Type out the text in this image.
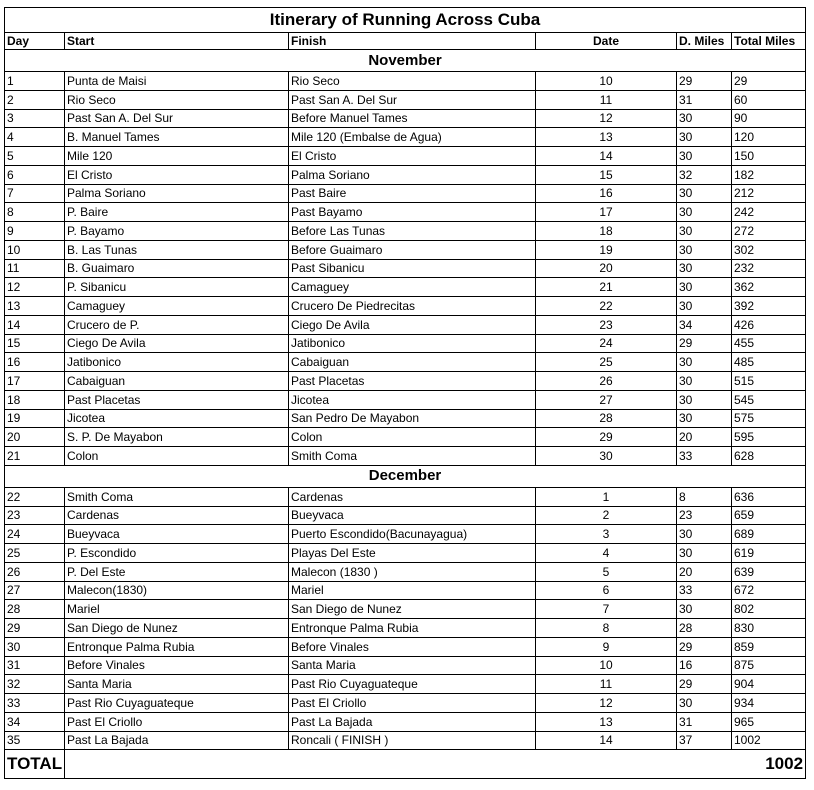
Itinerary of Running Across Cuba					
Day	Start	Finish	Date	D. Miles	Total Miles
November					
1	Punta de Maisi	Rio Seco	10	29	29
2	Rio Seco	Past San A. Del Sur	11	31	60
3	Past San A. Del Sur	Before Manuel Tames	12	30	90
4	B. Manuel Tames	Mile 120 (Embalse de Agua)	13	30	120
5	Mile 120	El Cristo	14	30	150
6	El Cristo	Palma Soriano	15	32	182
7	Palma Soriano	Past Baire	16	30	212
8	P. Baire	Past Bayamo	17	30	242
9	P. Bayamo	Before Las Tunas	18	30	272
10	B. Las Tunas	Before Guaimaro	19	30	302
11	B. Guaimaro	Past Sibanicu	20	30	232
12	P. Sibanicu	Camaguey	21	30	362
13	Camaguey	Crucero De Piedrecitas	22	30	392
14	Crucero de P.	Ciego De Avila	23	34	426
15	Ciego De Avila	Jatibonico	24	29	455
16	Jatibonico	Cabaiguan	25	30	485
17	Cabaiguan	Past Placetas	26	30	515
18	Past Placetas	Jicotea	27	30	545
19	Jicotea	San Pedro De Mayabon	28	30	575
20	S. P. De Mayabon	Colon	29	20	595
21	Colon	Smith Coma	30	33	628
December					
22	Smith Coma	Cardenas	1	8	636
23	Cardenas	Bueyvaca	2	23	659
24	Bueyvaca	Puerto Escondido(Bacunayagua)	3	30	689
25	P. Escondido	Playas Del Este	4	30	619
26	P. Del Este	Malecon (1830 )	5	20	639
27	Malecon(1830)	Mariel	6	33	672
28	Mariel	San Diego de Nunez	7	30	802
29	San Diego de Nunez	Entronque Palma Rubia	8	28	830
30	Entronque Palma Rubia	Before Vinales	9	29	859
31	Before Vinales	Santa Maria	10	16	875
32	Santa Maria	Past Rio Cuyaguateque	11	29	904
33	Past Rio Cuyaguateque	Past El Criollo	12	30	934
34	Past El Criollo	Past La Bajada	13	31	965
35	Past La Bajada	Roncali ( FINISH )	14	37	1002
TOTAL	1002				
